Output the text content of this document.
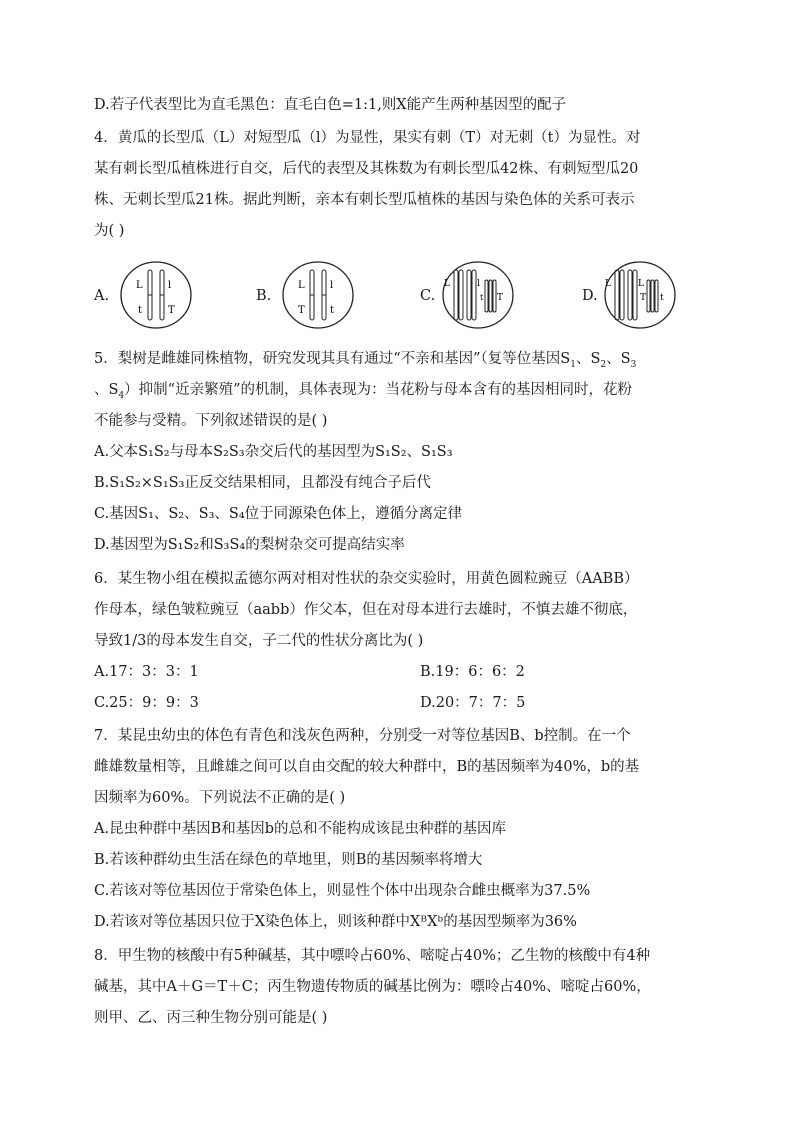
D.若子代表型比为直毛黑色：直毛白色=1:1,则X能产生两种基因型的配子
4．黄瓜的长型瓜（L）对短型瓜（l）为显性，果实有刺（T）对无刺（t）为显性。对
某有刺长型瓜植株进行自交，后代的表型及其株数为有刺长型瓜42株、有刺短型瓜20
株、无刺长型瓜21株。据此判断，亲本有刺长型瓜植株的基因与染色体的关系可表示
为( )
A.
L	l
t	T
B.
L	l
T	t
C.
L	l
t T	D.
L	L
T t
5．梨树是雌雄同株植物，研究发现其具有通过“不亲和基因”（复等位基因$S_1$、$S_2$、$S_3$
、$S_4$）抑制“近亲繁殖”的机制，具体表现为：当花粉与母本含有的基因相同时，花粉
不能参与受精。下列叙述错误的是( )
A.父本S₁S₂与母本S₂S₃杂交后代的基因型为S₁S₂、S₁S₃
B.S₁S₂×S₁S₃正反交结果相同，且都没有纯合子后代
C.基因S₁、S₂、S₃、S₄位于同源染色体上，遵循分离定律
D.基因型为S₁S₂和S₃S₄的梨树杂交可提高结实率
6．某生物小组在模拟孟德尔两对相对性状的杂交实验时，用黄色圆粒豌豆（AABB）
作母本，绿色皱粒豌豆（aabb）作父本，但在对母本进行去雄时，不慎去雄不彻底，
导致1/3的母本发生自交，子二代的性状分离比为( )
A.17：3：3：1	B.19：6：6：2
C.25：9：9：3	D.20：7：7：5
7．某昆虫幼虫的体色有青色和浅灰色两种，分别受一对等位基因B、b控制。在一个
雌雄数量相等，且雌雄之间可以自由交配的较大种群中，B的基因频率为40%，b的基
因频率为60%。下列说法不正确的是( )
A.昆虫种群中基因B和基因b的总和不能构成该昆虫种群的基因库
B.若该种群幼虫生活在绿色的草地里，则B的基因频率将增大
C.若该对等位基因位于常染色体上，则显性个体中出现杂合雌虫概率为37.5%
D.若该对等位基因只位于X染色体上，则该种群中XᴮXᵇ的基因型频率为36%
8．甲生物的核酸中有5种碱基，其中嘌呤占60%、嘧啶占40%；乙生物的核酸中有4种
碱基，其中A＋G＝T＋C；丙生物遗传物质的碱基比例为：嘌呤占40%、嘧啶占60%，
则甲、乙、丙三种生物分别可能是( )
